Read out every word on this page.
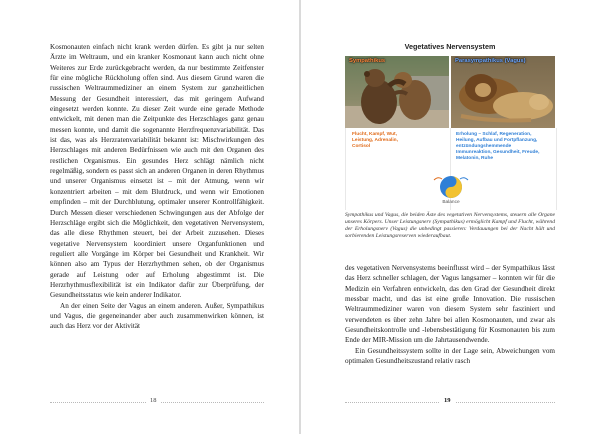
Kosmonauten einfach nicht krank werden dürfen. Es gibt ja nur selten Ärzte im Weltraum, und ein kranker Kosmonaut kann auch nicht ohne Weiteres zur Erde zurückgebracht werden, da nur bestimmte Zeitfenster für eine mögliche Rückholung offen sind. Aus diesem Grund waren die russischen Weltraummediziner an einem System zur ganzheitlichen Messung der Gesundheit interessiert, das mit geringem Aufwand eingesetzt werden konnte. Zu dieser Zeit wurde eine gerade Methode entwickelt, mit denen man die Zeitpunkte des Herzschlages ganz genau messen konnte, und damit die sogenannte Herzfrequenzvariabilität. Das ist das, was als Herzratenvariabilität bekannt ist: Mischwirkungen des Herzschlages mit anderen Bedürfnissen wie auch mit den Organen des restlichen Organismus. Ein gesundes Herz schlägt nämlich nicht regelmäßig, sondern es passt sich an anderen Organen in deren Rhythmus und unserer Organismus einsetzt ist – mit der Atmung, wenn wir konzentriert arbeiten – mit dem Blutdruck, und wenn wir Emotionen empfinden – mit der Durchblutung, optimaler unserer Kontrollfähigkeit. Durch Messen dieser verschiedenen Schwingungen aus der Abfolge der Herzschläge ergibt sich die Möglichkeit, den vegetativen Nervensystem, das alle diese Rhythmen steuert, bei der Arbeit zuzusehen. Dieses vegetative Nervensystem koordiniert unsere Organfunktionen und reguliert alle Vorgänge im Körper bei Gesundheit und Krankheit. Wir können also am Typus der Herzrhythmen sehen, ob der Organismus gerade auf Leistung oder auf Erholung abgestimmt ist. Die Herzrhythmusflexibilität ist ein Indikator dafür zur Überprüfung, der Gesundheitsstatus wie kein anderer Indikator.

An der einen Seite der Vagus an einem anderen. Außer, Sympathikus und Vagus, die gegeneinander aber auch zusammenwirken können, ist auch das Herz vor der Aktivität

18
Vegetatives Nervensystem
Sympathikus	Parasympathikus (Vagus)
Flucht, Kampf, Wut, Leistung, Adrenalin, Cortisol
Erholung – Schlaf, Regeneration, Heilung, Aufbau und Fortpflanzung, entzündungshemmende Immunreaktion, Gesundheit, Freude, Melatonin, Ruhe
Balance
Sympathikus und Vagus, die beiden Äste des vegetativen Nervensystems, steuern alle Organe unseres Körpers. Unser Leistungsnerv (Sympathikus) ermöglicht Kampf und Flucht, während der Erholungsnerv (Vagus) die unbedingt passieren: Verdauungen bei der Nacht hält und sorbierenden Leistungsreserven wiederaufbaut.

des vegetativen Nervensystems beeinflusst wird – der Sympathikus lässt das Herz schneller schlagen, der Vagus langsamer – konnten wir für die Medizin ein Verfahren entwickeln, das den Grad der Gesundheit direkt messbar macht, und das ist eine große Innovation. Die russischen Weltraummediziner waren von diesem System sehr fasziniert und verwendeten es über zehn Jahre bei allen Kosmonauten, und zwar als Gesundheitskontrolle und -lebensbestätigung für Kosmonauten bis zum Ende der MIR-Mission um die Jahrtausendwende.

Ein Gesundheitssystem sollte in der Lage sein, Abweichungen vom optimalen Gesundheitszustand relativ rasch

19
